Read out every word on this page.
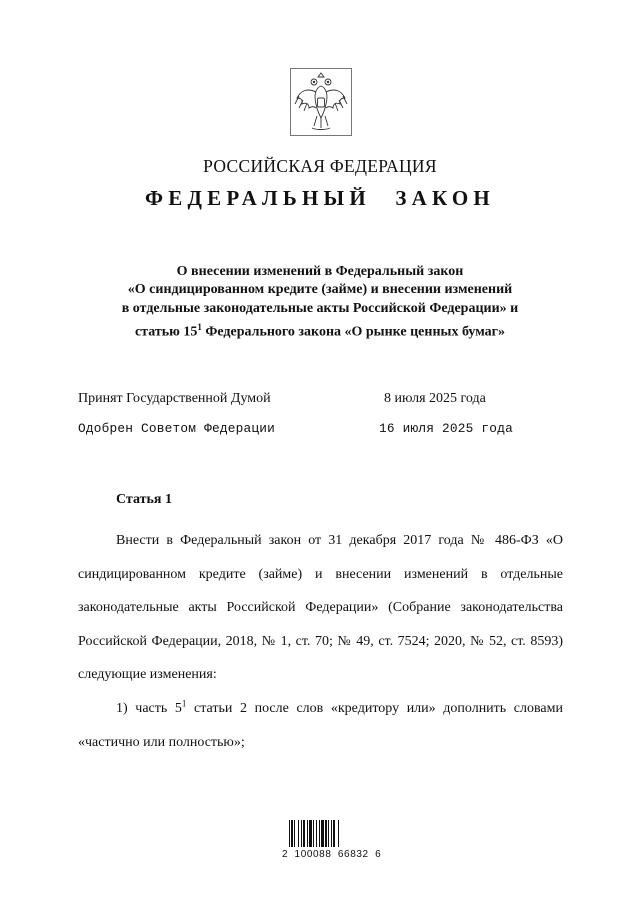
РОССИЙСКАЯ ФЕДЕРАЦИЯ
ФЕДЕРАЛЬНЫЙ ЗАКОН
О внесении изменений в Федеральный закон
«О синдицированном кредите (займе) и внесении изменений
в отдельные законодательные акты Российской Федерации» и
статью $15^1$ Федерального закона «О рынке ценных бумаг»
Принят Государственной Думой	8 июля 2025 года
Одобрен Советом Федерации	16 июля 2025 года
Статья 1

Внести в Федеральный закон от 31 декабря 2017 года № 486-ФЗ «О синдицированном кредите (займе) и внесении изменений в отдельные законодательные акты Российской Федерации» (Собрание законодательства Российской Федерации, 2018, № 1, ст. 70; № 49, ст. 7524; 2020, № 52, ст. 8593) следующие изменения:

1) часть $5^1$ статьи 2 после слов «кредитору или» дополнить словами «частично или полностью»;

2 100088 66832 6
